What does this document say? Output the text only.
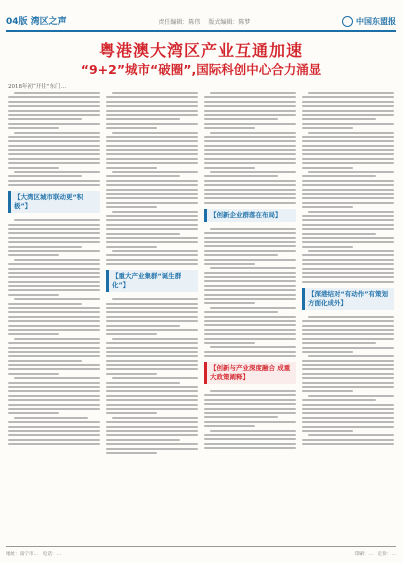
04版 湾区之声	责任编辑：陈伟 版式编辑：陈梦	中国东盟报
粤港澳大湾区产业互通加速
“9+2”城市“破圈”,国际科创中心合力涌显
2018年初“开往”东门…
【大湾区城市联动更“积极”】
【重大产业集群“诞生群化”】
【创新企业群落在布局】
【创新与产业深度融合 成重大政策阐释】
【深港结对“有动作”有策划方面化成外】
地址：南宁市…　电话：…	印刷：…　定价：…
